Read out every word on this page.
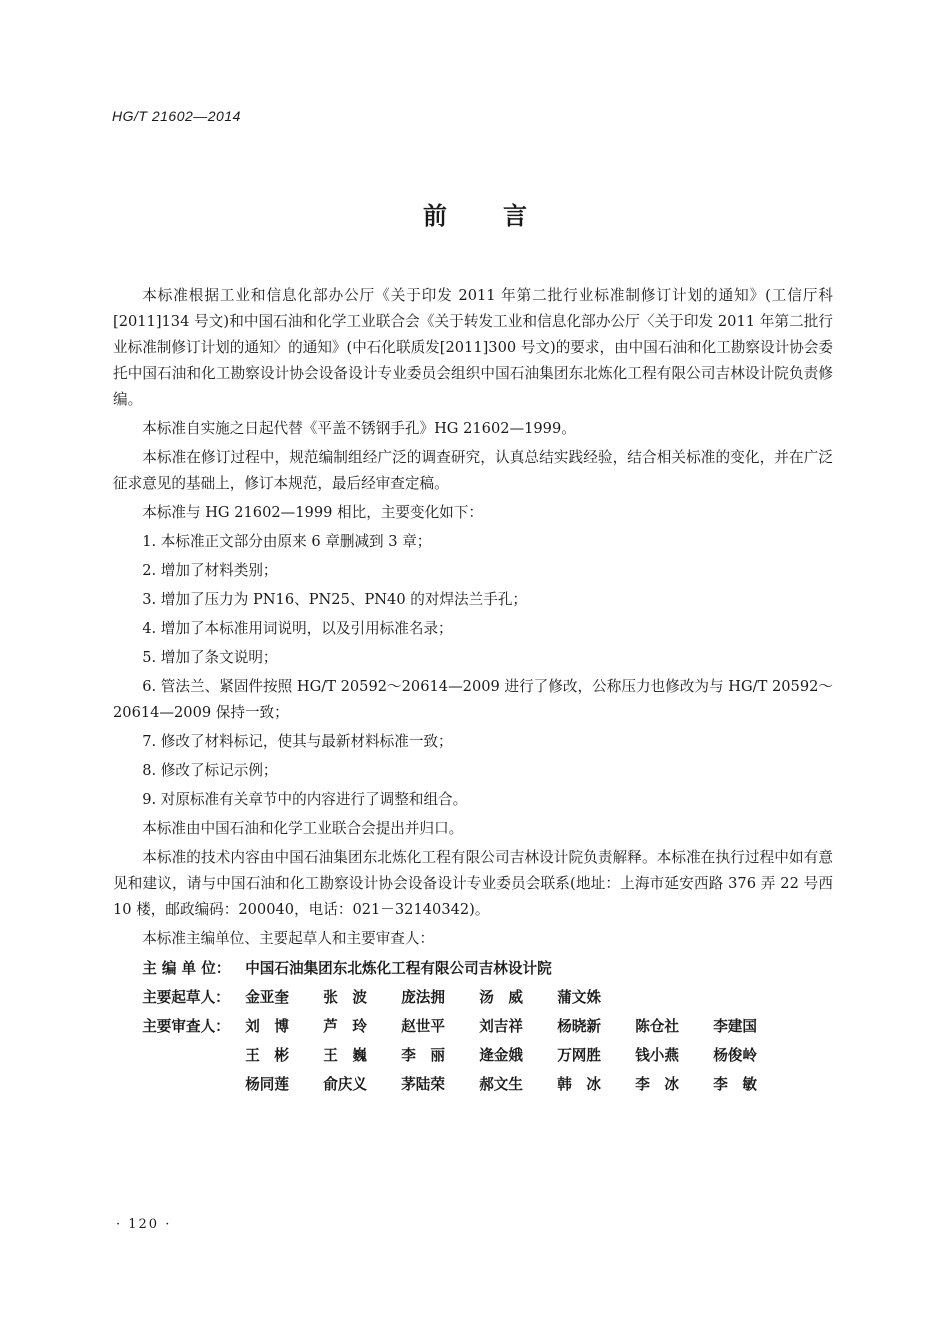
HG/T 21602—2014
前言

本标准根据工业和信息化部办公厅《关于印发 2011 年第二批行业标准制修订计划的通知》(工信厅科[2011]134 号文)和中国石油和化学工业联合会《关于转发工业和信息化部办公厅〈关于印发 2011 年第二批行业标准制修订计划的通知〉的通知》(中石化联质发[2011]300 号文)的要求，由中国石油和化工勘察设计协会委托中国石油和化工勘察设计协会设备设计专业委员会组织中国石油集团东北炼化工程有限公司吉林设计院负责修编。

本标准自实施之日起代替《平盖不锈钢手孔》HG 21602—1999。

本标准在修订过程中，规范编制组经广泛的调查研究，认真总结实践经验，结合相关标准的变化，并在广泛征求意见的基础上，修订本规范，最后经审查定稿。

本标准与 HG 21602—1999 相比，主要变化如下：

1. 本标准正文部分由原来 6 章删减到 3 章；

2. 增加了材料类别；

3. 增加了压力为 PN16、PN25、PN40 的对焊法兰手孔；

4. 增加了本标准用词说明，以及引用标准名录；

5. 增加了条文说明；

6. 管法兰、紧固件按照 HG/T 20592～20614—2009 进行了修改，公称压力也修改为与 HG/T 20592～20614—2009 保持一致；

7. 修改了材料标记，使其与最新材料标准一致；

8. 修改了标记示例；

9. 对原标准有关章节中的内容进行了调整和组合。

本标准由中国石油和化学工业联合会提出并归口。

本标准的技术内容由中国石油集团东北炼化工程有限公司吉林设计院负责解释。本标准在执行过程中如有意见和建议，请与中国石油和化工勘察设计协会设备设计专业委员会联系(地址：上海市延安西路 376 弄 22 号西 10 楼，邮政编码：200040，电话：021－32140342)。

本标准主编单位、主要起草人和主要审查人：

主 编 单 位：	中国石油集团东北炼化工程有限公司吉林设计院
主要起草人：	金亚奎	张　波	庞法拥	汤　威	蒲文姝
主要审查人：	刘　博	芦　玲	赵世平	刘吉祥	杨晓新	陈仓社	李建国
王　彬	王　巍	李　丽	逄金娥	万网胜	钱小燕	杨俊岭
杨同莲	俞庆义	茅陆荣	郝文生	韩　冰	李　冰	李　敏
· 120 ·
